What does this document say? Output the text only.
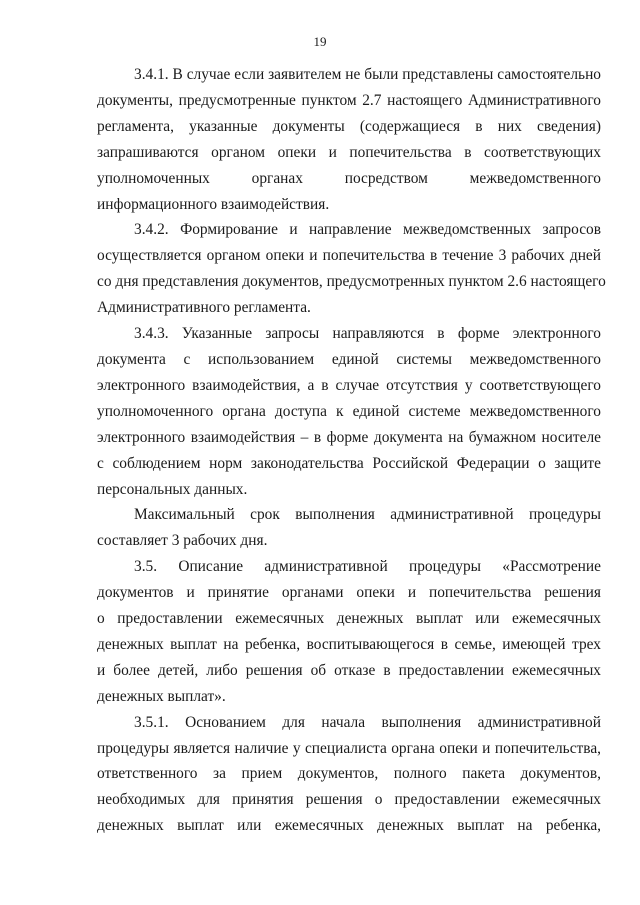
19
3.4.1. В случае если заявителем не были представлены самостоятельно
документы, предусмотренные пунктом 2.7 настоящего Административного
регламента, указанные документы (содержащиеся в них сведения)
запрашиваются органом опеки и попечительства в соответствующих
уполномоченных органах посредством межведомственного
информационного взаимодействия.
3.4.2. Формирование и направление межведомственных запросов
осуществляется органом опеки и попечительства в течение 3 рабочих дней
со дня представления документов, предусмотренных пунктом 2.6 настоящего
Административного регламента.
3.4.3. Указанные запросы направляются в форме электронного
документа с использованием единой системы межведомственного
электронного взаимодействия, а в случае отсутствия у соответствующего
уполномоченного органа доступа к единой системе межведомственного
электронного взаимодействия – в форме документа на бумажном носителе
с соблюдением норм законодательства Российской Федерации о защите
персональных данных.
Максимальный срок выполнения административной процедуры
составляет 3 рабочих дня.
3.5. Описание административной процедуры «Рассмотрение
документов и принятие органами опеки и попечительства решения
о предоставлении ежемесячных денежных выплат или ежемесячных
денежных выплат на ребенка, воспитывающегося в семье, имеющей трех
и более детей, либо решения об отказе в предоставлении ежемесячных
денежных выплат».
3.5.1. Основанием для начала выполнения административной
процедуры является наличие у специалиста органа опеки и попечительства,
ответственного за прием документов, полного пакета документов,
необходимых для принятия решения о предоставлении ежемесячных
денежных выплат или ежемесячных денежных выплат на ребенка,
